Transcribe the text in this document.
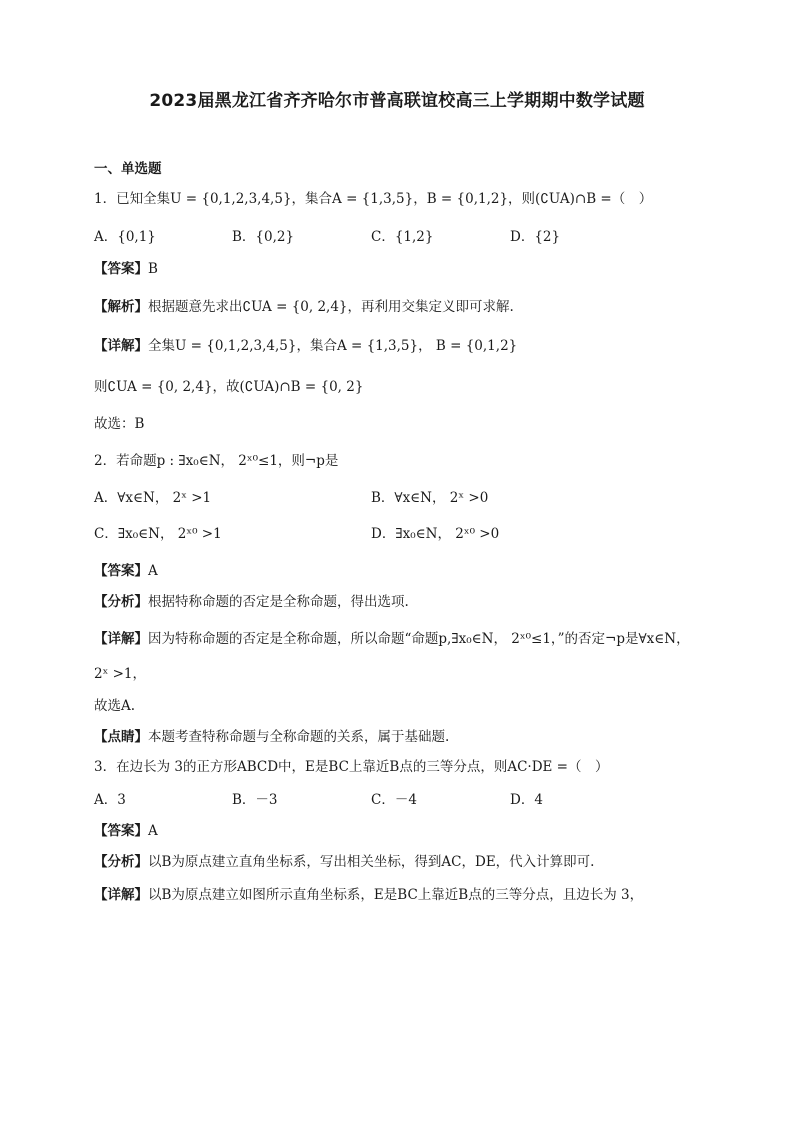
2023届黑龙江省齐齐哈尔市普高联谊校高三上学期期中数学试题
一、单选题
1．已知全集U = {0,1,2,3,4,5}，集合A = {1,3,5}，B = {0,1,2}，则(∁UA)∩B =（　）
A．{0,1}	B．{0,2}	C．{1,2}	D．{2}
【答案】B
【解析】根据题意先求出∁UA = {0, 2,4}，再利用交集定义即可求解.
【详解】全集U = {0,1,2,3,4,5}，集合A = {1,3,5}， B = {0,1,2}
则∁UA = {0, 2,4}，故(∁UA)∩B = {0, 2}
故选：B
2．若命题p : ∃x₀∈N， 2ˣ⁰≤1，则¬p是
A．∀x∈N， 2ˣ >1	B．∀x∈N， 2ˣ >0
C．∃x₀∈N， 2ˣ⁰ >1	D．∃x₀∈N， 2ˣ⁰ >0
【答案】A
【分析】根据特称命题的否定是全称命题，得出选项.
【详解】因为特称命题的否定是全称命题，所以命题“命题p,∃x₀∈N， 2ˣ⁰≤1，”的否定¬p是∀x∈N，
2ˣ >1，
故选A.
【点睛】本题考查特称命题与全称命题的关系，属于基础题.
3．在边长为 3的正方形ABCD中，E是BC上靠近B点的三等分点，则AC·DE =（　）
A．3	B．－3	C．－4	D．4
【答案】A
【分析】以B为原点建立直角坐标系，写出相关坐标，得到AC，DE，代入计算即可.
【详解】以B为原点建立如图所示直角坐标系，E是BC上靠近B点的三等分点，且边长为 3，
